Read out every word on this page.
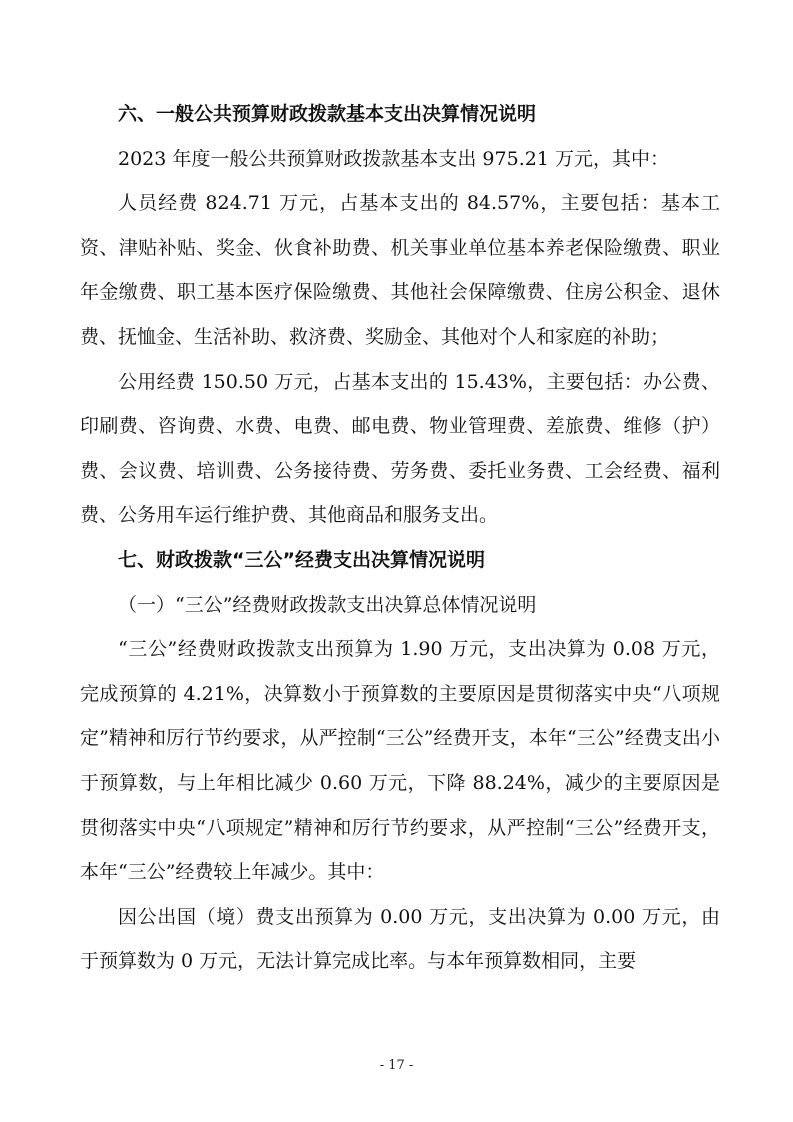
六、一般公共预算财政拨款基本支出决算情况说明

2023 年度一般公共预算财政拨款基本支出 975.21 万元，其中：

人员经费 824.71 万元，占基本支出的 84.57%，主要包括：基本工资、津贴补贴、奖金、伙食补助费、机关事业单位基本养老保险缴费、职业年金缴费、职工基本医疗保险缴费、其他社会保障缴费、住房公积金、退休费、抚恤金、生活补助、救济费、奖励金、其他对个人和家庭的补助；

公用经费 150.50 万元，占基本支出的 15.43%，主要包括：办公费、印刷费、咨询费、水费、电费、邮电费、物业管理费、差旅费、维修（护）费、会议费、培训费、公务接待费、劳务费、委托业务费、工会经费、福利费、公务用车运行维护费、其他商品和服务支出。

七、财政拨款“三公”经费支出决算情况说明

（一）“三公”经费财政拨款支出决算总体情况说明

“三公”经费财政拨款支出预算为 1.90 万元，支出决算为 0.08 万元，完成预算的 4.21%，决算数小于预算数的主要原因是贯彻落实中央“八项规定”精神和厉行节约要求，从严控制“三公”经费开支，本年“三公”经费支出小于预算数，与上年相比减少 0.60 万元，下降 88.24%，减少的主要原因是贯彻落实中央“八项规定”精神和厉行节约要求，从严控制“三公”经费开支，本年“三公”经费较上年减少。其中：

因公出国（境）费支出预算为 0.00 万元，支出决算为 0.00 万元，由于预算数为 0 万元，无法计算完成比率。与本年预算数相同，主要

- 17 -
